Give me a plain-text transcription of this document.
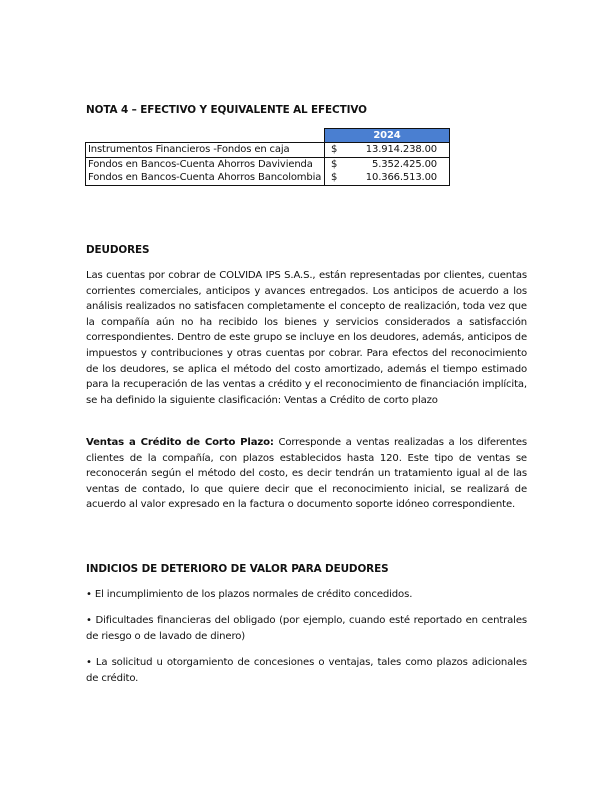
NOTA 4 – EFECTIVO Y EQUIVALENTE AL EFECTIVO
	2024	
Instrumentos Financieros -Fondos en caja	$	13.914.238.00
Fondos en Bancos-Cuenta Ahorros Davivienda	$	5.352.425.00
Fondos en Bancos-Cuenta Ahorros Bancolombia	$	10.366.513.00
DEUDORES
Las cuentas por cobrar de COLVIDA IPS S.A.S., están representadas por clientes, cuentas corrientes comerciales, anticipos y avances entregados. Los anticipos de acuerdo a los análisis realizados no satisfacen completamente el concepto de realización, toda vez que la compañía aún no ha recibido los bienes y servicios considerados a satisfacción correspondientes. Dentro de este grupo se incluye en los deudores, además, anticipos de impuestos y contribuciones y otras cuentas por cobrar. Para efectos del reconocimiento de los deudores, se aplica el método del costo amortizado, además el tiempo estimado para la recuperación de las ventas a crédito y el reconocimiento de financiación implícita, se ha definido la siguiente clasificación: Ventas a Crédito de corto plazo
Ventas a Crédito de Corto Plazo: Corresponde a ventas realizadas a los diferentes clientes de la compañía, con plazos establecidos hasta 120. Este tipo de ventas se reconocerán según el método del costo, es decir tendrán un tratamiento igual al de las ventas de contado, lo que quiere decir que el reconocimiento inicial, se realizará de acuerdo al valor expresado en la factura o documento soporte idóneo correspondiente.
INDICIOS DE DETERIORO DE VALOR PARA DEUDORES
• El incumplimiento de los plazos normales de crédito concedidos.
• Dificultades financieras del obligado (por ejemplo, cuando esté reportado en centrales de riesgo o de lavado de dinero)
• La solicitud u otorgamiento de concesiones o ventajas, tales como plazos adicionales de crédito.
